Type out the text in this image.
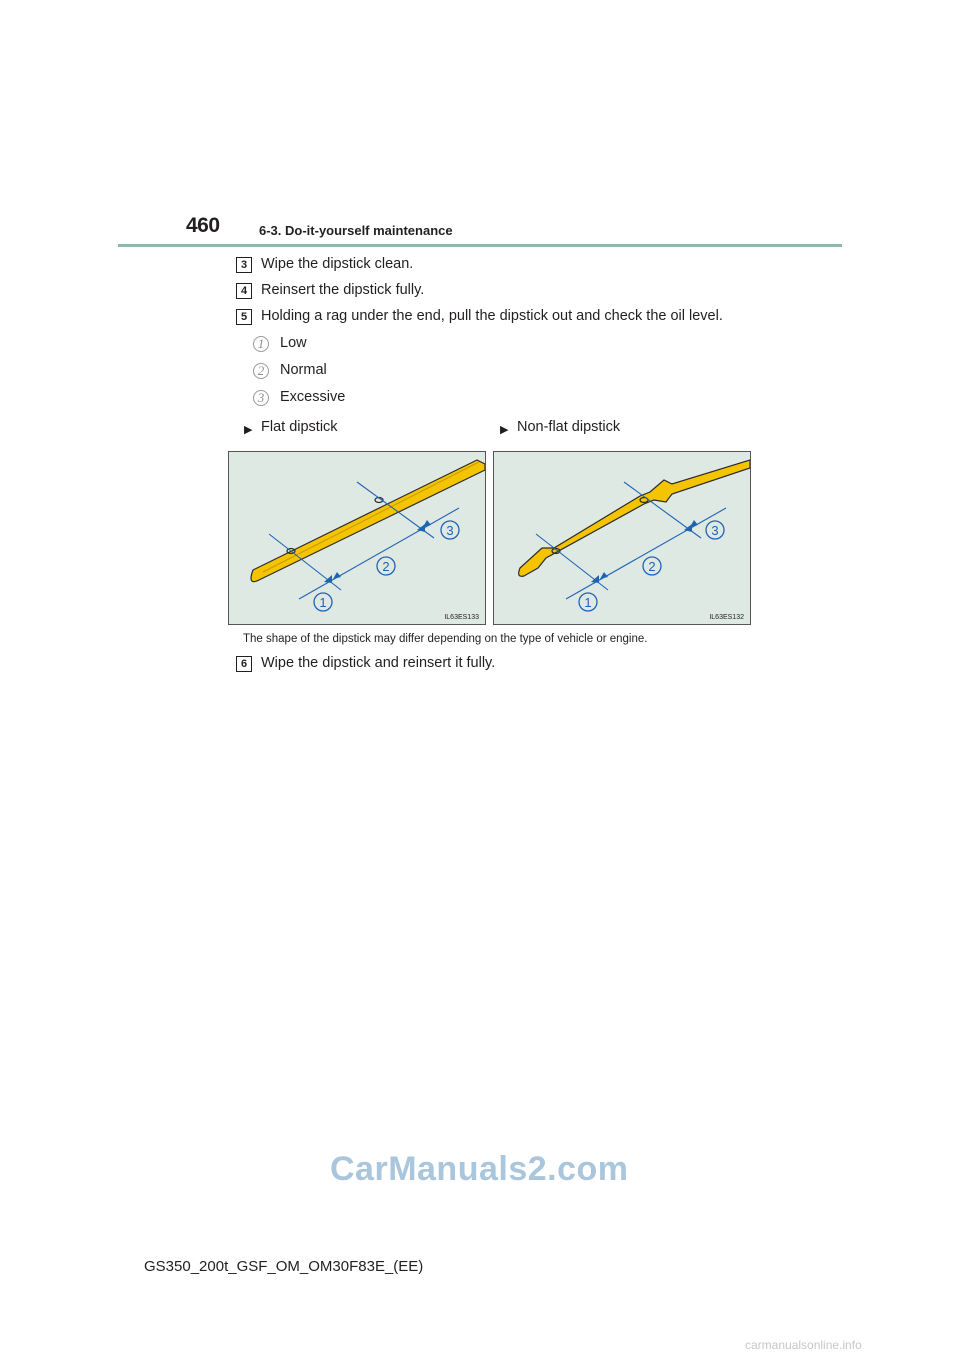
460	6-3. Do-it-yourself maintenance
3 Wipe the dipstick clean.
4 Reinsert the dipstick fully.
5 Holding a rag under the end, pull the dipstick out and check the oil level.
1	Low
2	Normal
3	Excessive
▶ Flat dipstick	▶ Non-flat dipstick
1
2
3
IL63ES133
1
2
3
IL63ES132
The shape of the dipstick may differ depending on the type of vehicle or engine.
6 Wipe the dipstick and reinsert it fully.
CarManuals2.com
GS350_200t_GSF_OM_OM30F83E_(EE)
carmanualsonline.info
